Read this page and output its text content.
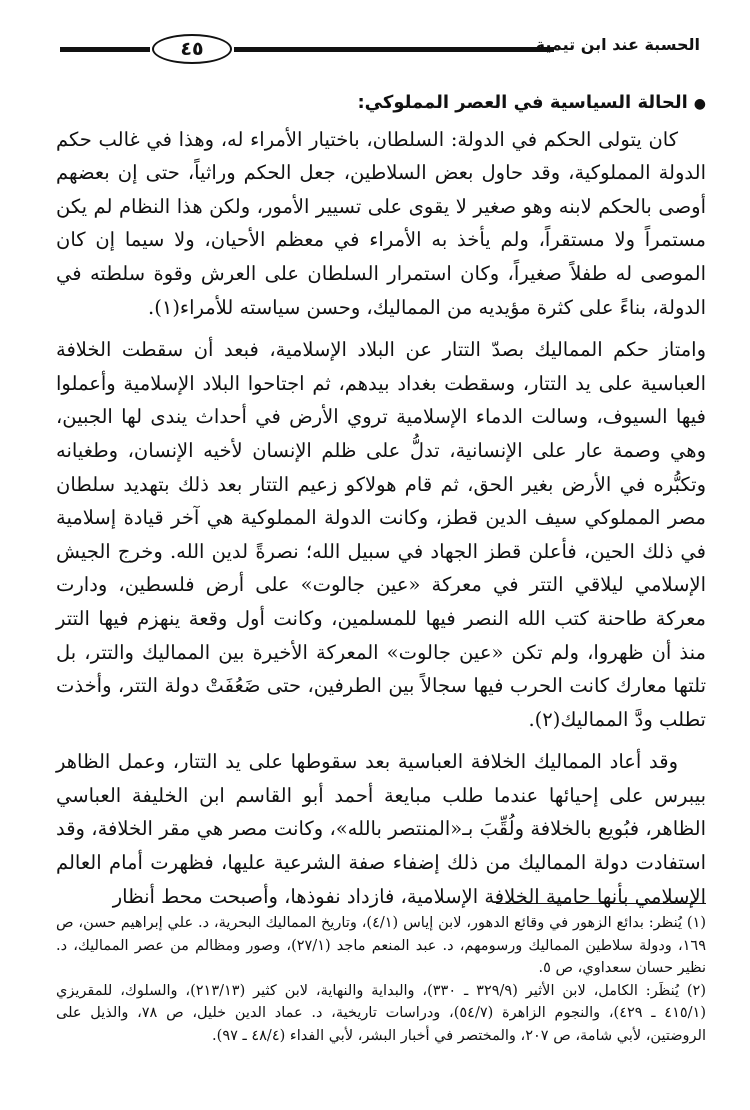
الحسبة عند ابن تيمية
٤٥

●الحالة السياسية في العصر المملوكي:

كان يتولى الحكم في الدولة: السلطان، باختيار الأمراء له، وهذا في غالب حكم الدولة المملوكية، وقد حاول بعض السلاطين، جعل الحكم وراثياً، حتى إن بعضهم أوصى بالحكم لابنه وهو صغير لا يقوى على تسيير الأمور، ولكن هذا النظام لم يكن مستمراً ولا مستقراً، ولم يأخذ به الأمراء في معظم الأحيان، ولا سيما إن كان الموصى له طفلاً صغيراً، وكان استمرار السلطان على العرش وقوة سلطته في الدولة، بناءً على كثرة مؤيديه من المماليك، وحسن سياسته للأمراء(١).

وامتاز حكم المماليك بصدّ التتار عن البلاد الإسلامية، فبعد أن سقطت الخلافة العباسية على يد التتار، وسقطت بغداد بيدهم، ثم اجتاحوا البلاد الإسلامية وأعملوا فيها السيوف، وسالت الدماء الإسلامية تروي الأرض في أحداث يندى لها الجبين، وهي وصمة عار على الإنسانية، تدلُّ على ظلم الإنسان لأخيه الإنسان، وطغيانه وتكبُّره في الأرض بغير الحق، ثم قام هولاكو زعيم التتار بعد ذلك بتهديد سلطان مصر المملوكي سيف الدين قطز، وكانت الدولة المملوكية هي آخر قيادة إسلامية في ذلك الحين، فأعلن قطز الجهاد في سبيل الله؛ نصرةً لدين الله. وخرج الجيش الإسلامي ليلاقي التتر في معركة «عين جالوت» على أرض فلسطين، ودارت معركة طاحنة كتب الله النصر فيها للمسلمين، وكانت أول وقعة ينهزم فيها التتر منذ أن ظهروا، ولم تكن «عين جالوت» المعركة الأخيرة بين المماليك والتتر، بل تلتها معارك كانت الحرب فيها سجالاً بين الطرفين، حتى ضَعُفَتْ دولة التتر، وأخذت تطلب ودَّ المماليك(٢).

وقد أعاد المماليك الخلافة العباسية بعد سقوطها على يد التتار، وعمل الظاهر بيبرس على إحيائها عندما طلب مبايعة أحمد أبو القاسم ابن الخليفة العباسي الظاهر، فبُويع بالخلافة ولُقِّبَ بـ«المنتصر بالله»، وكانت مصر هي مقر الخلافة، وقد استفادت دولة المماليك من ذلك إضفاء صفة الشرعية عليها، فظهرت أمام العالم الإسلامي بأنها حامية الخلافة الإسلامية، فازداد نفوذها، وأصبحت محط أنظار

(١) يُنظر: بدائع الزهور في وقائع الدهور، لابن إياس (٤/١)، وتاريخ المماليك البحرية، د. علي إبراهيم حسن، ص ١٦٩، ودولة سلاطين المماليك ورسومهم، د. عبد المنعم ماجد (٢٧/١)، وصور ومظالم من عصر المماليك، د. نظير حسان سعداوي، ص ٥.

(٢) يُنظَر: الكامل، لابن الأثير (٣٢٩/٩ ـ ٣٣٠)، والبداية والنهاية، لابن كثير (٢١٣/١٣)، والسلوك، للمقريزي (٤١٥/١ ـ ٤٢٩)، والنجوم الزاهرة (٥٤/٧)، ودراسات تاريخية، د. عماد الدين خليل، ص ٧٨، والذيل على الروضتين، لأبي شامة، ص ٢٠٧، والمختصر في أخبار البشر، لأبي الفداء (٤٨/٤ ـ ٩٧).
